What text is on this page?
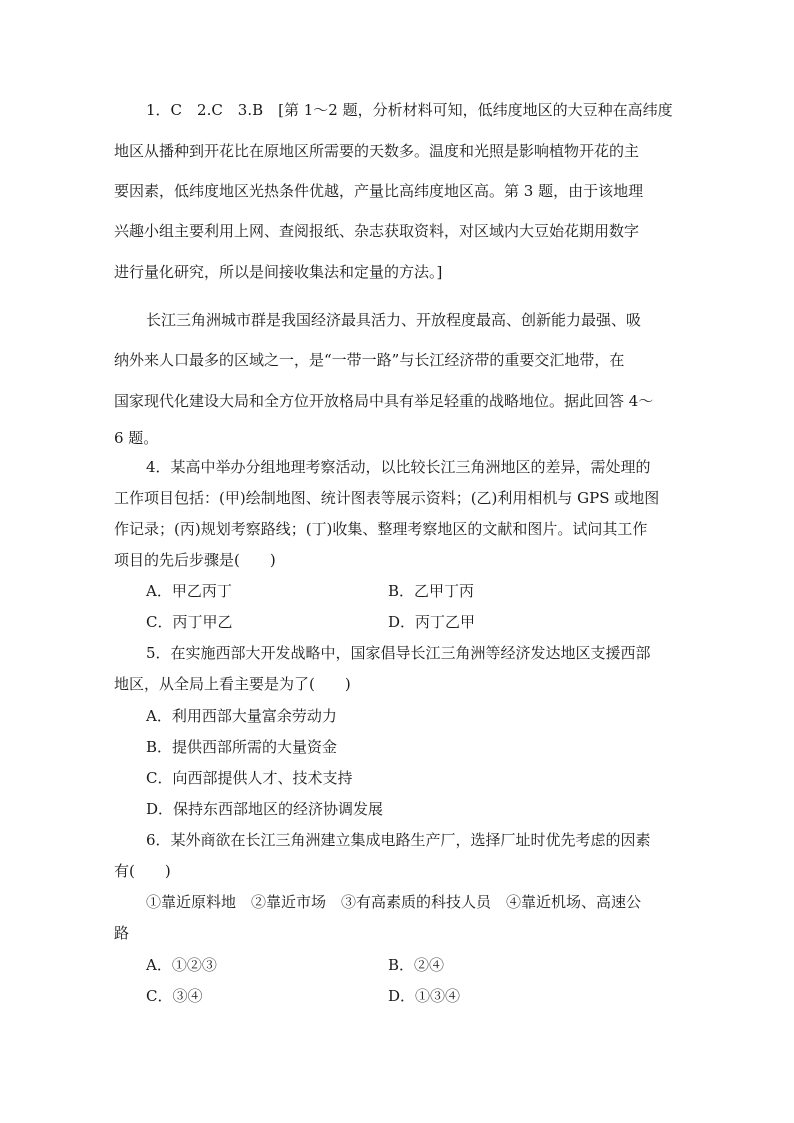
1．C　2.C　3.B　[第 1～2 题，分析材料可知，低纬度地区的大豆种在高纬度
地区从播种到开花比在原地区所需要的天数多。温度和光照是影响植物开花的主
要因素，低纬度地区光热条件优越，产量比高纬度地区高。第 3 题，由于该地理
兴趣小组主要利用上网、查阅报纸、杂志获取资料，对区域内大豆始花期用数字
进行量化研究，所以是间接收集法和定量的方法。]
长江三角洲城市群是我国经济最具活力、开放程度最高、创新能力最强、吸
纳外来人口最多的区域之一，是“一带一路”与长江经济带的重要交汇地带，在
国家现代化建设大局和全方位开放格局中具有举足轻重的战略地位。据此回答 4～
6 题。
4．某高中举办分组地理考察活动，以比较长江三角洲地区的差异，需处理的
工作项目包括：(甲)绘制地图、统计图表等展示资料；(乙)利用相机与 GPS 或地图
作记录；(丙)规划考察路线；(丁)收集、整理考察地区的文献和图片。试问其工作
项目的先后步骤是(　　)
A．甲乙丙丁	B．乙甲丁丙
C．丙丁甲乙	D．丙丁乙甲
5．在实施西部大开发战略中，国家倡导长江三角洲等经济发达地区支援西部
地区，从全局上看主要是为了(　　)
A．利用西部大量富余劳动力
B．提供西部所需的大量资金
C．向西部提供人才、技术支持
D．保持东西部地区的经济协调发展
6．某外商欲在长江三角洲建立集成电路生产厂，选择厂址时优先考虑的因素
有(　　)
①靠近原料地　②靠近市场　③有高素质的科技人员　④靠近机场、高速公
路
A．①②③	B．②④
C．③④	D．①③④
